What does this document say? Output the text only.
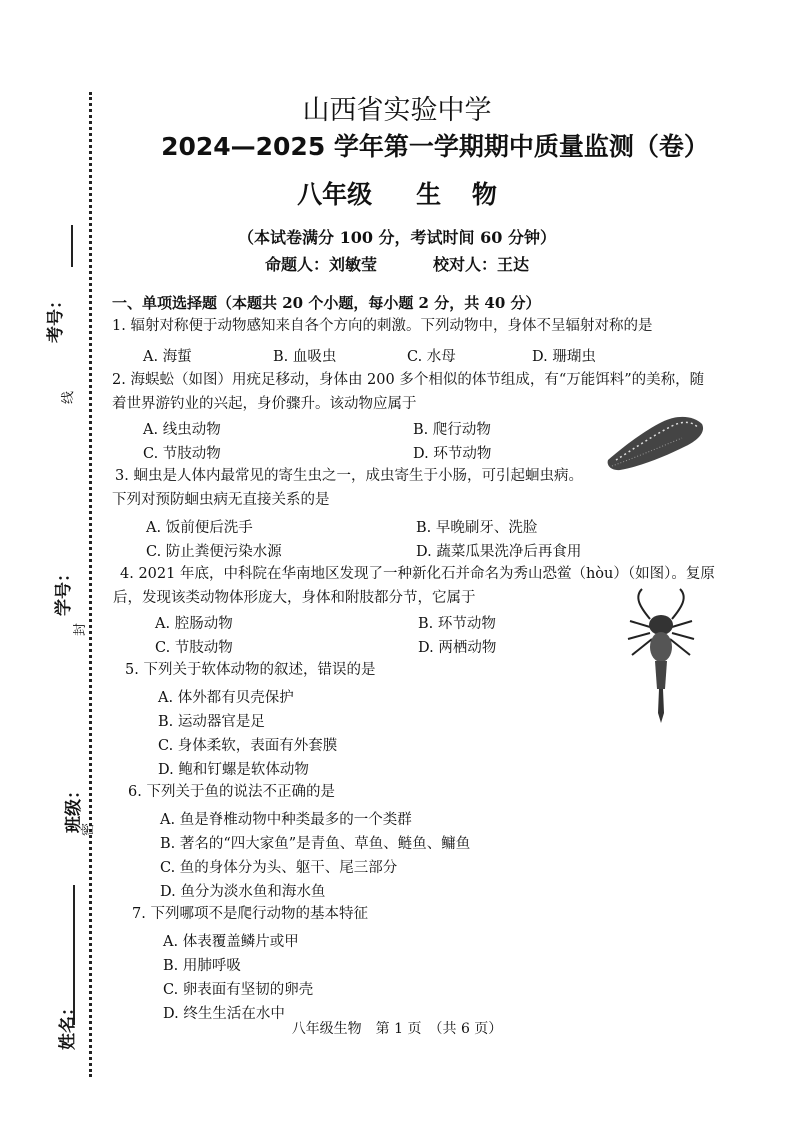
考号：
线
学号：
封
班级：
密
姓名：
山西省实验中学
2024—2025 学年第一学期期中质量监测（卷）
八年级 生 物
（本试卷满分 100 分，考试时间 60 分钟）
命题人：刘敏莹	校对人：王达
一、单项选择题（本题共 20 个小题，每小题 2 分，共 40 分）
1. 辐射对称便于动物感知来自各个方向的刺激。下列动物中，身体不呈辐射对称的是
A. 海蜇	B. 血吸虫	C. 水母	D. 珊瑚虫
2. 海蜈蚣（如图）用疣足移动，身体由 200 多个相似的体节组成，有“万能饵料”的美称，随
着世界游钓业的兴起，身价骤升。该动物应属于
A. 线虫动物	B. 爬行动物
C. 节肢动物	D. 环节动物
3. 蛔虫是人体内最常见的寄生虫之一，成虫寄生于小肠，可引起蛔虫病。
下列对预防蛔虫病无直接关系的是
A. 饭前便后洗手	B. 早晚刷牙、洗脸
C. 防止粪便污染水源	D. 蔬菜瓜果洗净后再食用
4. 2021 年底，中科院在华南地区发现了一种新化石并命名为秀山恐鲎（hòu）（如图）。复原
后，发现该类动物体形庞大，身体和附肢都分节，它属于
A. 腔肠动物	B. 环节动物
C. 节肢动物	D. 两栖动物
5. 下列关于软体动物的叙述，错误的是
A. 体外都有贝壳保护
B. 运动器官是足
C. 身体柔软，表面有外套膜
D. 鲍和钉螺是软体动物
6. 下列关于鱼的说法不正确的是
A. 鱼是脊椎动物中种类最多的一个类群
B. 著名的“四大家鱼”是青鱼、草鱼、鲢鱼、鳙鱼
C. 鱼的身体分为头、躯干、尾三部分
D. 鱼分为淡水鱼和海水鱼
7. 下列哪项不是爬行动物的基本特征
A. 体表覆盖鳞片或甲
B. 用肺呼吸
C. 卵表面有坚韧的卵壳
D. 终生生活在水中
八年级生物　第 1 页　（共 6 页）
